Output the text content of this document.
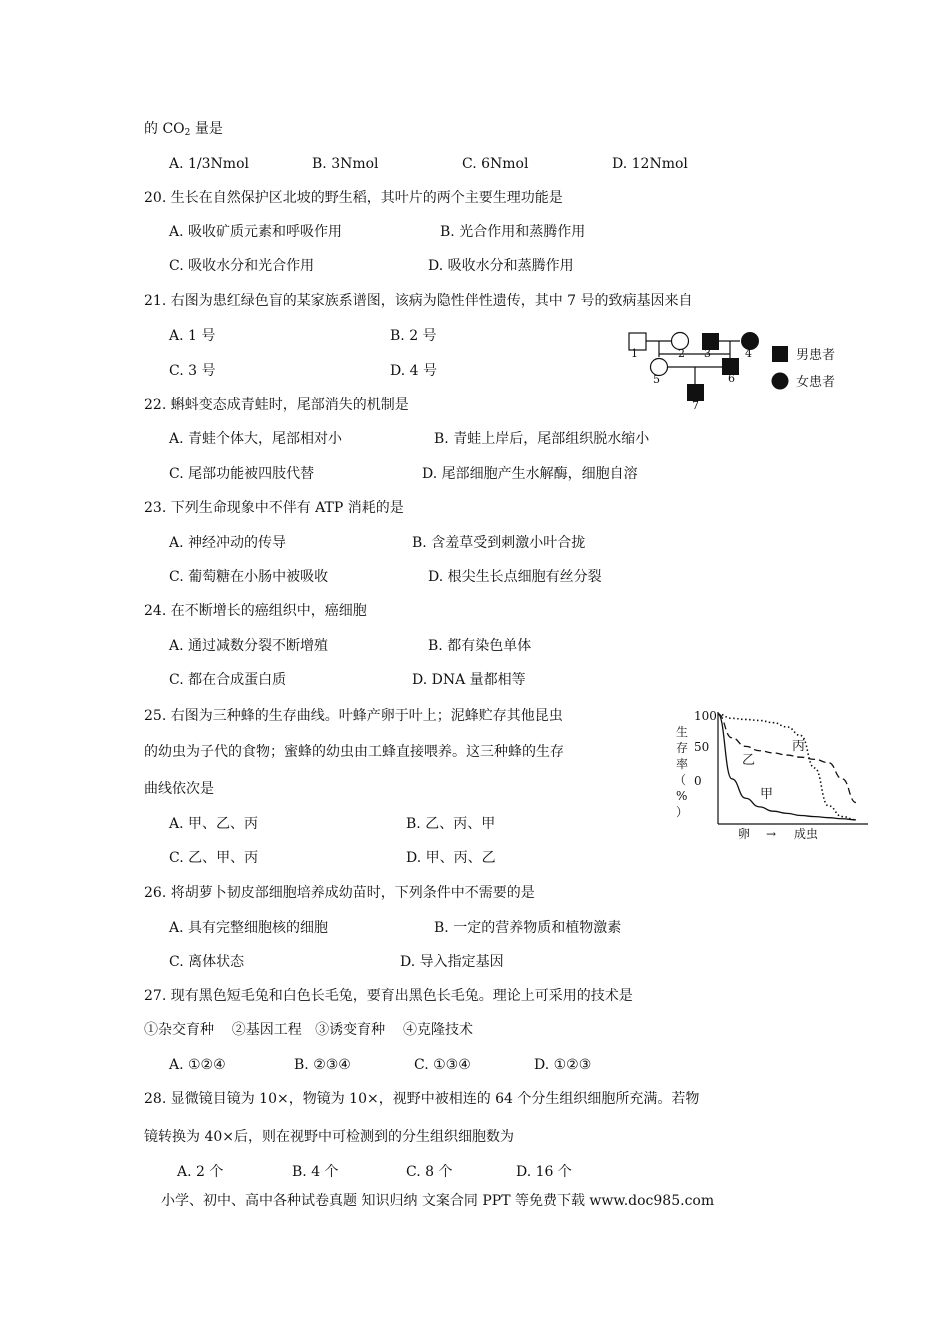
的 $CO_2$ 量是
A. 1/3Nmol	B. 3Nmol	C. 6Nmol	D. 12Nmol
20. 生长在自然保护区北坡的野生稻，其叶片的两个主要生理功能是
A. 吸收矿质元素和呼吸作用	B. 光合作用和蒸腾作用
C. 吸收水分和光合作用	D. 吸收水分和蒸腾作用
21. 右图为患红绿色盲的某家族系谱图，该病为隐性伴性遗传，其中 7 号的致病基因来自
A. 1 号	B. 2 号
C. 3 号	D. 4 号
1	2 3	4
5	6
7
男患者
女患者
22. 蝌蚪变态成青蛙时，尾部消失的机制是
A. 青蛙个体大，尾部相对小	B. 青蛙上岸后，尾部组织脱水缩小
C. 尾部功能被四肢代替	D. 尾部细胞产生水解酶，细胞自溶
23. 下列生命现象中不伴有 ATP 消耗的是
A. 神经冲动的传导	B. 含羞草受到刺激小叶合拢
C. 葡萄糖在小肠中被吸收	D. 根尖生长点细胞有丝分裂
24. 在不断增长的癌组织中，癌细胞
A. 通过减数分裂不断增殖	B. 都有染色单体
C. 都在合成蛋白质	D. DNA 量都相等
25. 右图为三种蜂的生存曲线。叶蜂产卵于叶上；泥蜂贮存其他昆虫
的幼虫为子代的食物；蜜蜂的幼虫由工蜂直接喂养。这三种蜂的生存
曲线依次是
A. 甲、乙、丙	B. 乙、丙、甲
C. 乙、甲、丙	D. 甲、丙、乙
生
存
率
（
%
）
100
50
0
卵 → 成虫
甲
乙
丙
26. 将胡萝卜韧皮部细胞培养成幼苗时，下列条件中不需要的是
A. 具有完整细胞核的细胞	B. 一定的营养物质和植物激素
C. 离体状态	D. 导入指定基因
27. 现有黑色短毛兔和白色长毛兔，要育出黑色长毛兔。理论上可采用的技术是
①杂交育种    ②基因工程   ③诱变育种    ④克隆技术
A. ①②④	B. ②③④	C. ①③④	D. ①②③
28. 显微镜目镜为 10×，物镜为 10×，视野中被相连的 64 个分生组织细胞所充满。若物
镜转换为 40×后，则在视野中可检测到的分生组织细胞数为
A. 2 个	B. 4 个	C. 8 个	D. 16 个
小学、初中、高中各种试卷真题 知识归纳 文案合同 PPT 等免费下载 www.doc985.com
